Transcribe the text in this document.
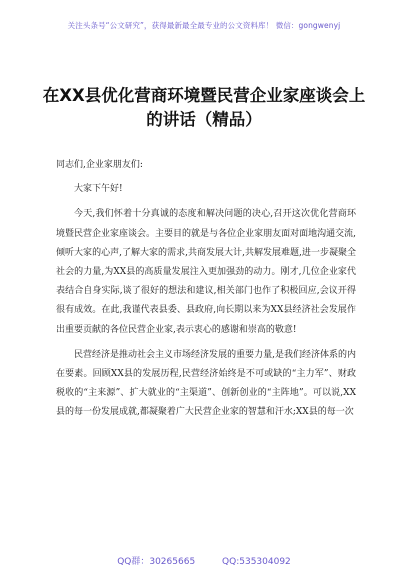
关注头条号“公文研究”，获得最新最全最专业的公文资料库！ 微信：gongwenyj
在XX县优化营商环境暨民营企业家座谈会上的讲话（精品）

同志们,企业家朋友们:

大家下午好!

今天,我们怀着十分真诚的态度和解决问题的决心,召开这次优化营商环境暨民营企业家座谈会。主要目的就是与各位企业家朋友面对面地沟通交流,倾听大家的心声,了解大家的需求,共商发展大计,共解发展难题,进一步凝聚全社会的力量,为XX县的高质量发展注入更加强劲的动力。刚才,几位企业家代表结合自身实际,谈了很好的想法和建议,相关部门也作了积极回应,会议开得很有成效。在此,我谨代表县委、县政府,向长期以来为XX县经济社会发展作出重要贡献的各位民营企业家,表示衷心的感谢和崇高的敬意!

民营经济是推动社会主义市场经济发展的重要力量,是我们经济体系的内在要素。回顾XX县的发展历程,民营经济始终是不可或缺的“主力军”、财政税收的“主来源”、扩大就业的“主渠道”、创新创业的“主阵地”。可以说,XX县的每一份发展成就,都凝聚着广大民营企业家的智慧和汗水;XX县的每一次

QQ群：30265665	QQ:535304092
